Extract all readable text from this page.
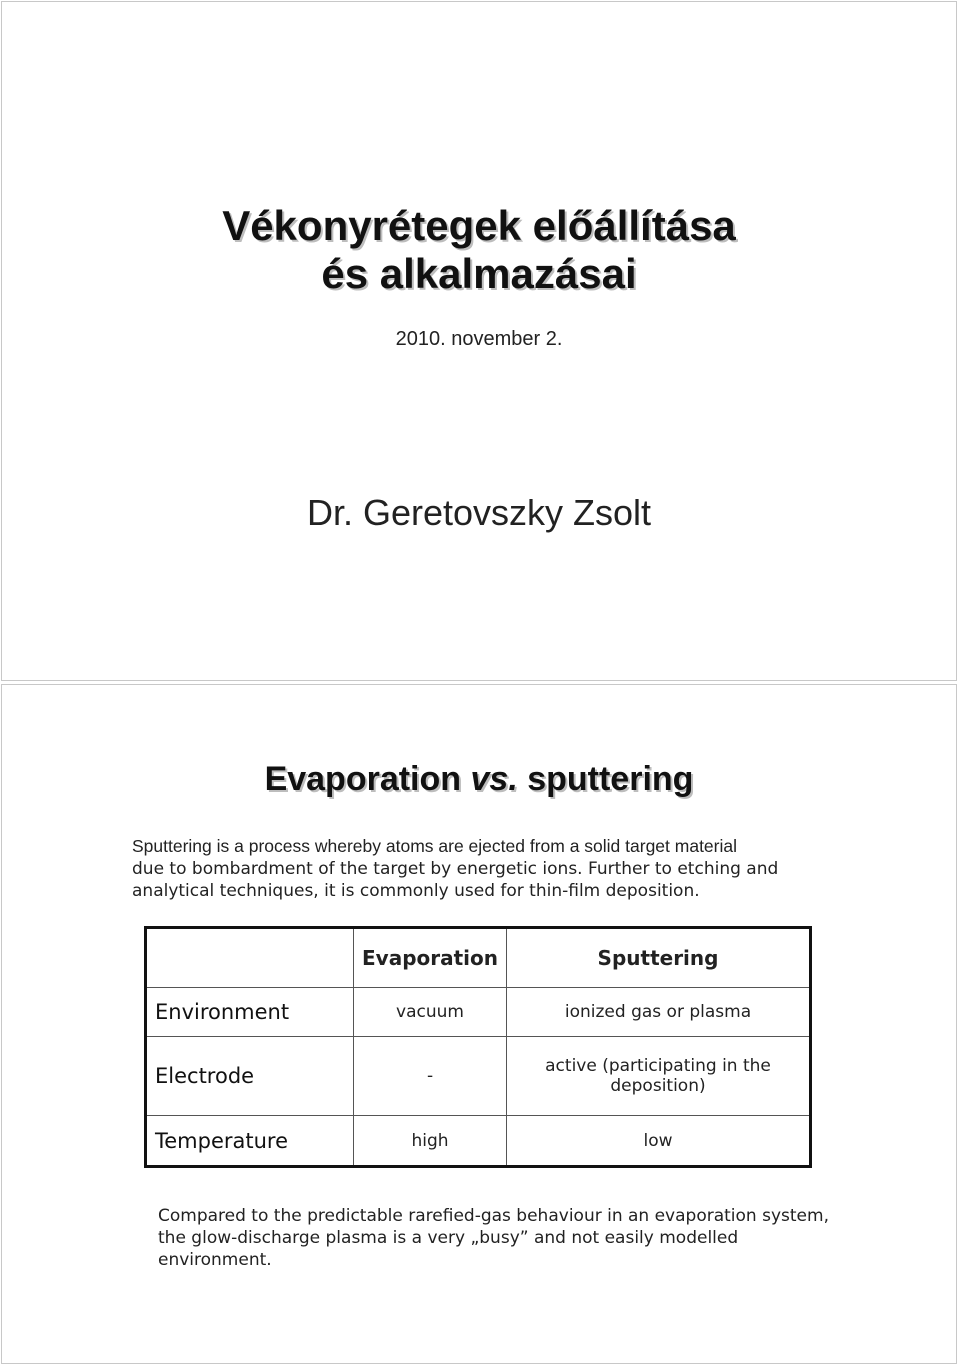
Vékonyrétegek előállítása
és alkalmazásai
2010. november 2.
Dr. Geretovszky Zsolt
Evaporation vs. sputtering

Sputtering is a process whereby atoms are ejected from a solid target material
due to bombardment of the target by energetic ions. Further to etching and analytical techniques, it is commonly used for thin-film deposition.

	Evaporation	Sputtering
Environment	vacuum	ionized gas or plasma
Electrode	-	active (participating in the deposition)
Temperature	high	low

Compared to the predictable rarefied-gas behaviour in an evaporation system, the glow-discharge plasma is a very „busy” and not easily modelled environment.
